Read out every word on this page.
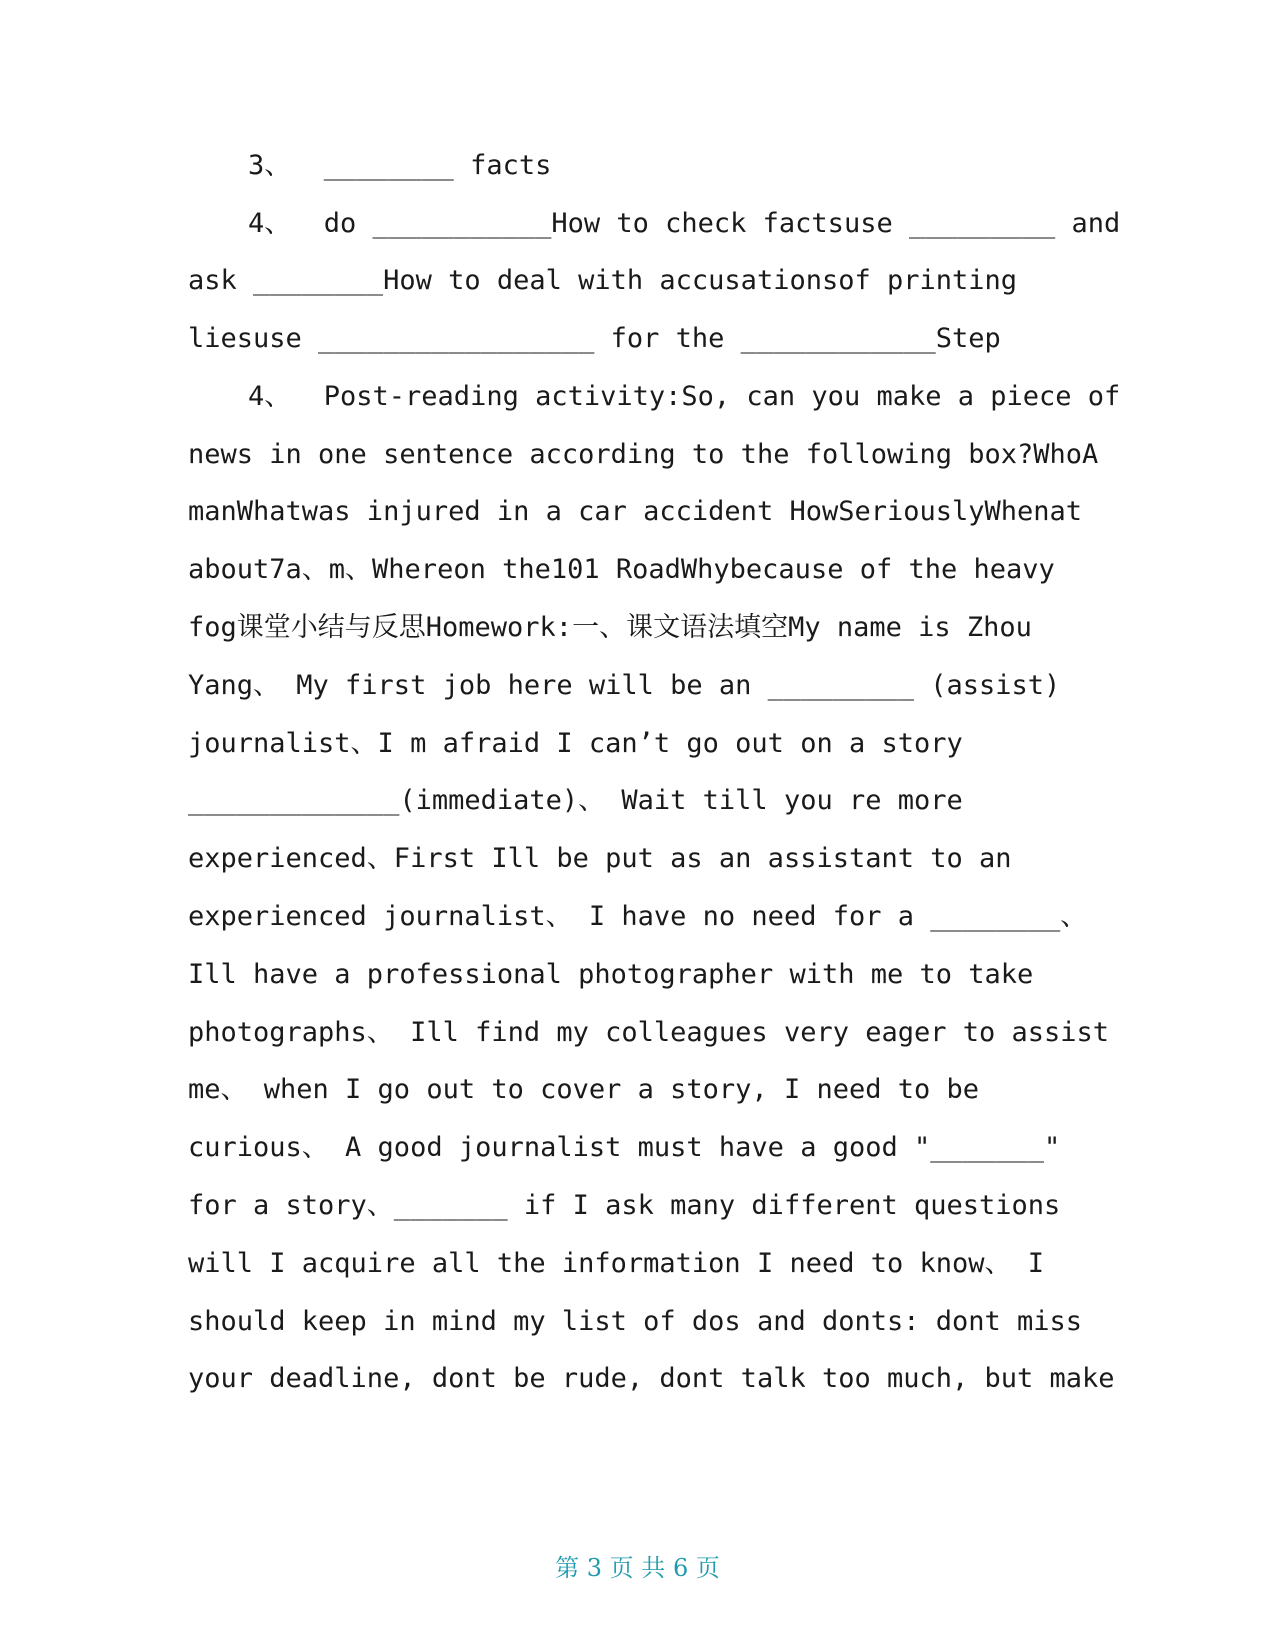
3、  ________ facts
4、  do ___________How to check factsuse _________ and
ask ________How to deal with accusationsof printing
liesuse _________________ for the ____________Step
4、  Post-reading activity:So, can you make a piece of
news in one sentence according to the following box?WhoA
manWhatwas injured in a car accident HowSeriouslyWhenat
about7a、m、Whereon the101 RoadWhybecause of the heavy
fog课堂小结与反思Homework:一、课文语法填空My name is Zhou
Yang、 My first job here will be an _________ (assist)
journalist、I m afraid I can’t go out on a story
_____________(immediate)、 Wait till you re more
experienced、First Ill be put as an assistant to an
experienced journalist、 I have no need for a ________、
Ill have a professional photographer with me to take
photographs、 Ill find my colleagues very eager to assist
me、 when I go out to cover a story, I need to be
curious、 A good journalist must have a good "_______"
for a story、_______ if I ask many different questions
will I acquire all the information I need to know、 I
should keep in mind my list of dos and donts: dont miss
your deadline, dont be rude, dont talk too much, but make
第 3 页 共 6 页
